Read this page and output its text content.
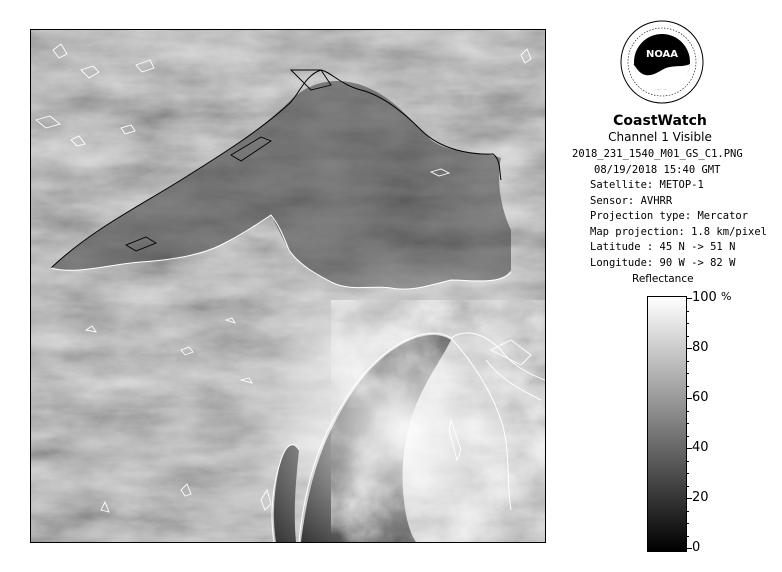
NOAA
CoastWatch
Channel 1 Visible
2018_231_1540_M01_GS_C1.PNG
08/19/2018 15:40 GMT
Satellite: METOP-1
Sensor: AVHRR
Projection type: Mercator
Map projection: 1.8 km/pixel
Latitude : 45 N -> 51 N
Longitude: 90 W -> 82 W
Reflectance
%
100
80
60
40
20
0
